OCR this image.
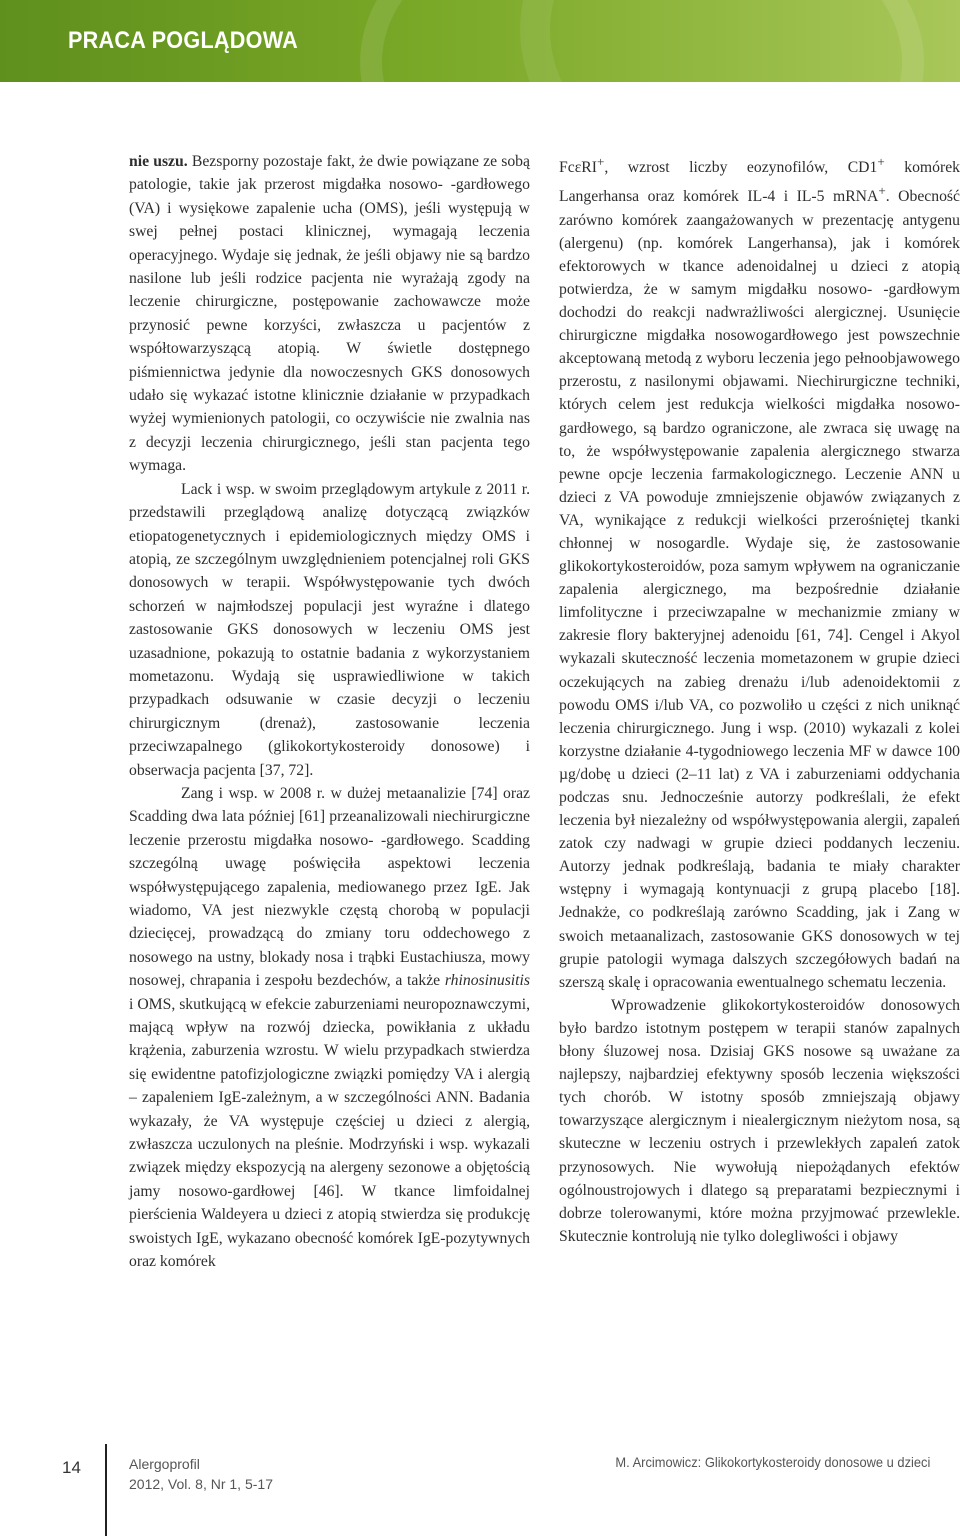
PRACA POGLĄDOWA

nie uszu. Bezsporny pozostaje fakt, że dwie powiązane ze sobą patologie, takie jak przerost migdałka nosowo- -gardłowego (VA) i wysiękowe zapalenie ucha (OMS), jeśli występują w swej pełnej postaci klinicznej, wymagają leczenia operacyjnego. Wydaje się jednak, że jeśli objawy nie są bardzo nasilone lub jeśli rodzice pacjenta nie wyrażają zgody na leczenie chirurgiczne, postępowanie zachowawcze może przynosić pewne korzyści, zwłaszcza u pacjentów z współtowarzyszącą atopią. W świetle dostępnego piśmiennictwa jedynie dla nowoczesnych GKS donosowych udało się wykazać istotne klinicznie działanie w przypadkach wyżej wymienionych patologii, co oczywiście nie zwalnia nas z decyzji leczenia chirurgicznego, jeśli stan pacjenta tego wymaga.

Lack i wsp. w swoim przeglądowym artykule z 2011 r. przedstawili przeglądową analizę dotyczącą związków etiopatogenetycznych i epidemiologicznych między OMS i atopią, ze szczególnym uwzględnieniem potencjalnej roli GKS donosowych w terapii. Współwystępowanie tych dwóch schorzeń w najmłodszej populacji jest wyraźne i dlatego zastosowanie GKS donosowych w leczeniu OMS jest uzasadnione, pokazują to ostatnie badania z wykorzystaniem mometazonu. Wydają się usprawiedliwione w takich przypadkach odsuwanie w czasie decyzji o leczeniu chirurgicznym (drenaż), zastosowanie leczenia przeciwzapalnego (glikokortykosteroidy donosowe) i obserwacja pacjenta [37, 72].

Zang i wsp. w 2008 r. w dużej metaanalizie [74] oraz Scadding dwa lata później [61] przeanalizowali niechirurgiczne leczenie przerostu migdałka nosowo- -gardłowego. Scadding szczególną uwagę poświęciła aspektowi leczenia współwystępującego zapalenia, mediowanego przez IgE. Jak wiadomo, VA jest niezwykle częstą chorobą w populacji dziecięcej, prowadzącą do zmiany toru oddechowego z nosowego na ustny, blokady nosa i trąbki Eustachiusza, mowy nosowej, chrapania i zespołu bezdechów, a także rhinosinusitis i OMS, skutkującą w efekcie zaburzeniami neuropoznawczymi, mającą wpływ na rozwój dziecka, powikłania z układu krążenia, zaburzenia wzrostu. W wielu przypadkach stwierdza się ewidentne patofizjologiczne związki pomiędzy VA i alergią – zapaleniem IgE-zależnym, a w szczególności ANN. Badania wykazały, że VA występuje częściej u dzieci z alergią, zwłaszcza uczulonych na pleśnie. Modrzyński i wsp. wykazali związek między ekspozycją na alergeny sezonowe a objętością jamy nosowo-gardłowej [46]. W tkance limfoidalnej pierścienia Waldeyera u dzieci z atopią stwierdza się produkcję swoistych IgE, wykazano obecność komórek IgE-pozytywnych oraz komórek

FcεRI+, wzrost liczby eozynofilów, CD1+ komórek Langerhansa oraz komórek IL-4 i IL-5 mRNA+. Obecność zarówno komórek zaangażowanych w prezentację antygenu (alergenu) (np. komórek Langerhansa), jak i komórek efektorowych w tkance adenoidalnej u dzieci z atopią potwierdza, że w samym migdałku nosowo- -gardłowym dochodzi do reakcji nadwrażliwości alergicznej. Usunięcie chirurgiczne migdałka nosowogardłowego jest powszechnie akceptowaną metodą z wyboru leczenia jego pełnoobjawowego przerostu, z nasilonymi objawami. Niechirurgiczne techniki, których celem jest redukcja wielkości migdałka nosowo-gardłowego, są bardzo ograniczone, ale zwraca się uwagę na to, że współwystępowanie zapalenia alergicznego stwarza pewne opcje leczenia farmakologicznego. Leczenie ANN u dzieci z VA powoduje zmniejszenie objawów związanych z VA, wynikające z redukcji wielkości przerośniętej tkanki chłonnej w nosogardle. Wydaje się, że zastosowanie glikokortykosteroidów, poza samym wpływem na ograniczanie zapalenia alergicznego, ma bezpośrednie działanie limfolityczne i przeciwzapalne w mechanizmie zmiany w zakresie flory bakteryjnej adenoidu [61, 74]. Cengel i Akyol wykazali skuteczność leczenia mometazonem w grupie dzieci oczekujących na zabieg drenażu i/lub adenoidektomii z powodu OMS i/lub VA, co pozwoliło u części z nich uniknąć leczenia chirurgicznego. Jung i wsp. (2010) wykazali z kolei korzystne działanie 4-tygodniowego leczenia MF w dawce 100 µg/dobę u dzieci (2–11 lat) z VA i zaburzeniami oddychania podczas snu. Jednocześnie autorzy podkreślali, że efekt leczenia był niezależny od współwystępowania alergii, zapaleń zatok czy nadwagi w grupie dzieci poddanych leczeniu. Autorzy jednak podkreślają, badania te miały charakter wstępny i wymagają kontynuacji z grupą placebo [18]. Jednakże, co podkreślają zarówno Scadding, jak i Zang w swoich metaanalizach, zastosowanie GKS donosowych w tej grupie patologii wymaga dalszych szczegółowych badań na szerszą skalę i opracowania ewentualnego schematu leczenia.

Wprowadzenie glikokortykosteroidów donosowych było bardzo istotnym postępem w terapii stanów zapalnych błony śluzowej nosa. Dzisiaj GKS nosowe są uważane za najlepszy, najbardziej efektywny sposób leczenia większości tych chorób. W istotny sposób zmniejszają objawy towarzyszące alergicznym i niealergicznym nieżytom nosa, są skuteczne w leczeniu ostrych i przewlekłych zapaleń zatok przynosowych. Nie wywołują niepożądanych efektów ogólnoustrojowych i dlatego są preparatami bezpiecznymi i dobrze tolerowanymi, które można przyjmować przewlekle. Skutecznie kontrolują nie tylko dolegliwości i objawy

14	Alergoprofil
2012, Vol. 8, Nr 1, 5-17
M. Arcimowicz: Glikokortykosteroidy donosowe u dzieci
